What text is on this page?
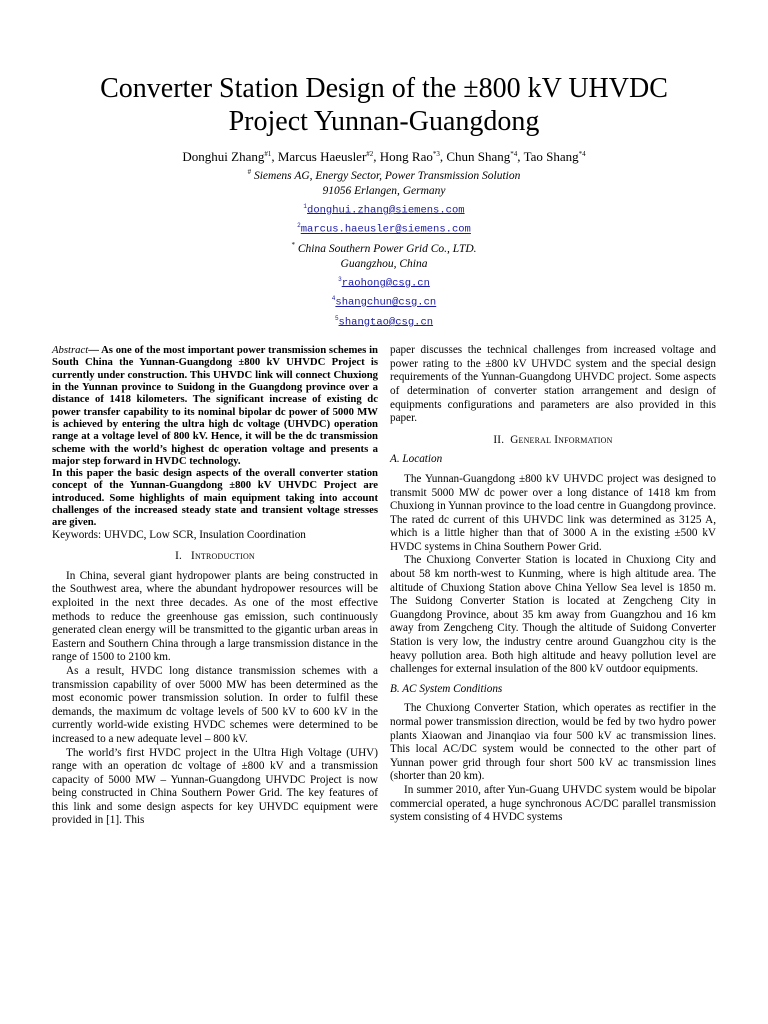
Converter Station Design of the ±800 kV UHVDC
Project Yunnan-Guangdong
Donghui Zhang$^{\#1}$, Marcus Haeusler$^{\#2}$, Hong Rao$^{*3}$, Chun Shang$^{*4}$, Tao Shang$^{*4}$
# Siemens AG, Energy Sector, Power Transmission Solution
91056 Erlangen, Germany
$^1$donghui.zhang@siemens.com
$^2$marcus.haeusler@siemens.com
* China Southern Power Grid Co., LTD.
Guangzhou, China
$^3$raohong@csg.cn
$^4$shangchun@csg.cn
$^5$shangtao@csg.cn

Abstract— As one of the most important power transmission schemes in South China the Yunnan-Guangdong ±800 kV UHVDC Project is currently under construction. This UHVDC link will connect Chuxiong in the Yunnan province to Suidong in the Guangdong province over a distance of 1418 kilometers. The significant increase of existing dc power transfer capability to its nominal bipolar dc power of 5000 MW is achieved by entering the ultra high dc voltage (UHVDC) operation range at a voltage level of 800 kV. Hence, it will be the dc transmission scheme with the world’s highest dc operation voltage and presents a major step forward in HVDC technology.

In this paper the basic design aspects of the overall converter station concept of the Yunnan-Guangdong ±800 kV UHVDC Project are introduced. Some highlights of main equipment taking into account challenges of the increased steady state and transient voltage stresses are given.

Keywords: UHVDC, Low SCR, Insulation Coordination

I. Introduction

In China, several giant hydropower plants are being constructed in the Southwest area, where the abundant hydropower resources will be exploited in the next three decades. As one of the most effective methods to reduce the greenhouse gas emission, such continuously generated clean energy will be transmitted to the gigantic urban areas in Eastern and Southern China through a large transmission distance in the range of 1500 to 2100 km.

As a result, HVDC long distance transmission schemes with a transmission capability of over 5000 MW has been determined as the most economic power transmission solution. In order to fulfil these demands, the maximum dc voltage levels of 500 kV to 600 kV in the currently world-wide existing HVDC schemes were determined to be increased to a new adequate level – 800 kV.

The world’s first HVDC project in the Ultra High Voltage (UHV) range with an operation dc voltage of ±800 kV and a transmission capacity of 5000 MW – Yunnan-Guangdong UHVDC Project is now being constructed in China Southern Power Grid. The key features of this link and some design aspects for key UHVDC equipment were provided in [1]. This

paper discusses the technical challenges from increased voltage and power rating to the ±800 kV UHVDC system and the special design requirements of the Yunnan-Guangdong UHVDC project. Some aspects of determination of converter station arrangement and design of equipments configurations and parameters are also provided in this paper.

II. General Information
A. Location

The Yunnan-Guangdong ±800 kV UHVDC project was designed to transmit 5000 MW dc power over a long distance of 1418 km from Chuxiong in Yunnan province to the load centre in Guangdong province. The rated dc current of this UHVDC link was determined as 3125 A, which is a little higher than that of 3000 A in the existing ±500 kV HVDC systems in China Southern Power Grid.

The Chuxiong Converter Station is located in Chuxiong City and about 58 km north-west to Kunming, where is high altitude area. The altitude of Chuxiong Station above China Yellow Sea level is 1850 m. The Suidong Converter Station is located at Zengcheng City in Guangdong Province, about 35 km away from Guangzhou and 16 km away from Zengcheng City. Though the altitude of Suidong Converter Station is very low, the industry centre around Guangzhou city is the heavy pollution area. Both high altitude and heavy pollution level are challenges for external insulation of the 800 kV outdoor equipments.

B. AC System Conditions

The Chuxiong Converter Station, which operates as rectifier in the normal power transmission direction, would be fed by two hydro power plants Xiaowan and Jinanqiao via four 500 kV ac transmission lines. This local AC/DC system would be connected to the other part of Yunnan power grid through four short 500 kV ac transmission lines (shorter than 20 km).

In summer 2010, after Yun-Guang UHVDC system would be bipolar commercial operated, a huge synchronous AC/DC parallel transmission system consisting of 4 HVDC systems
